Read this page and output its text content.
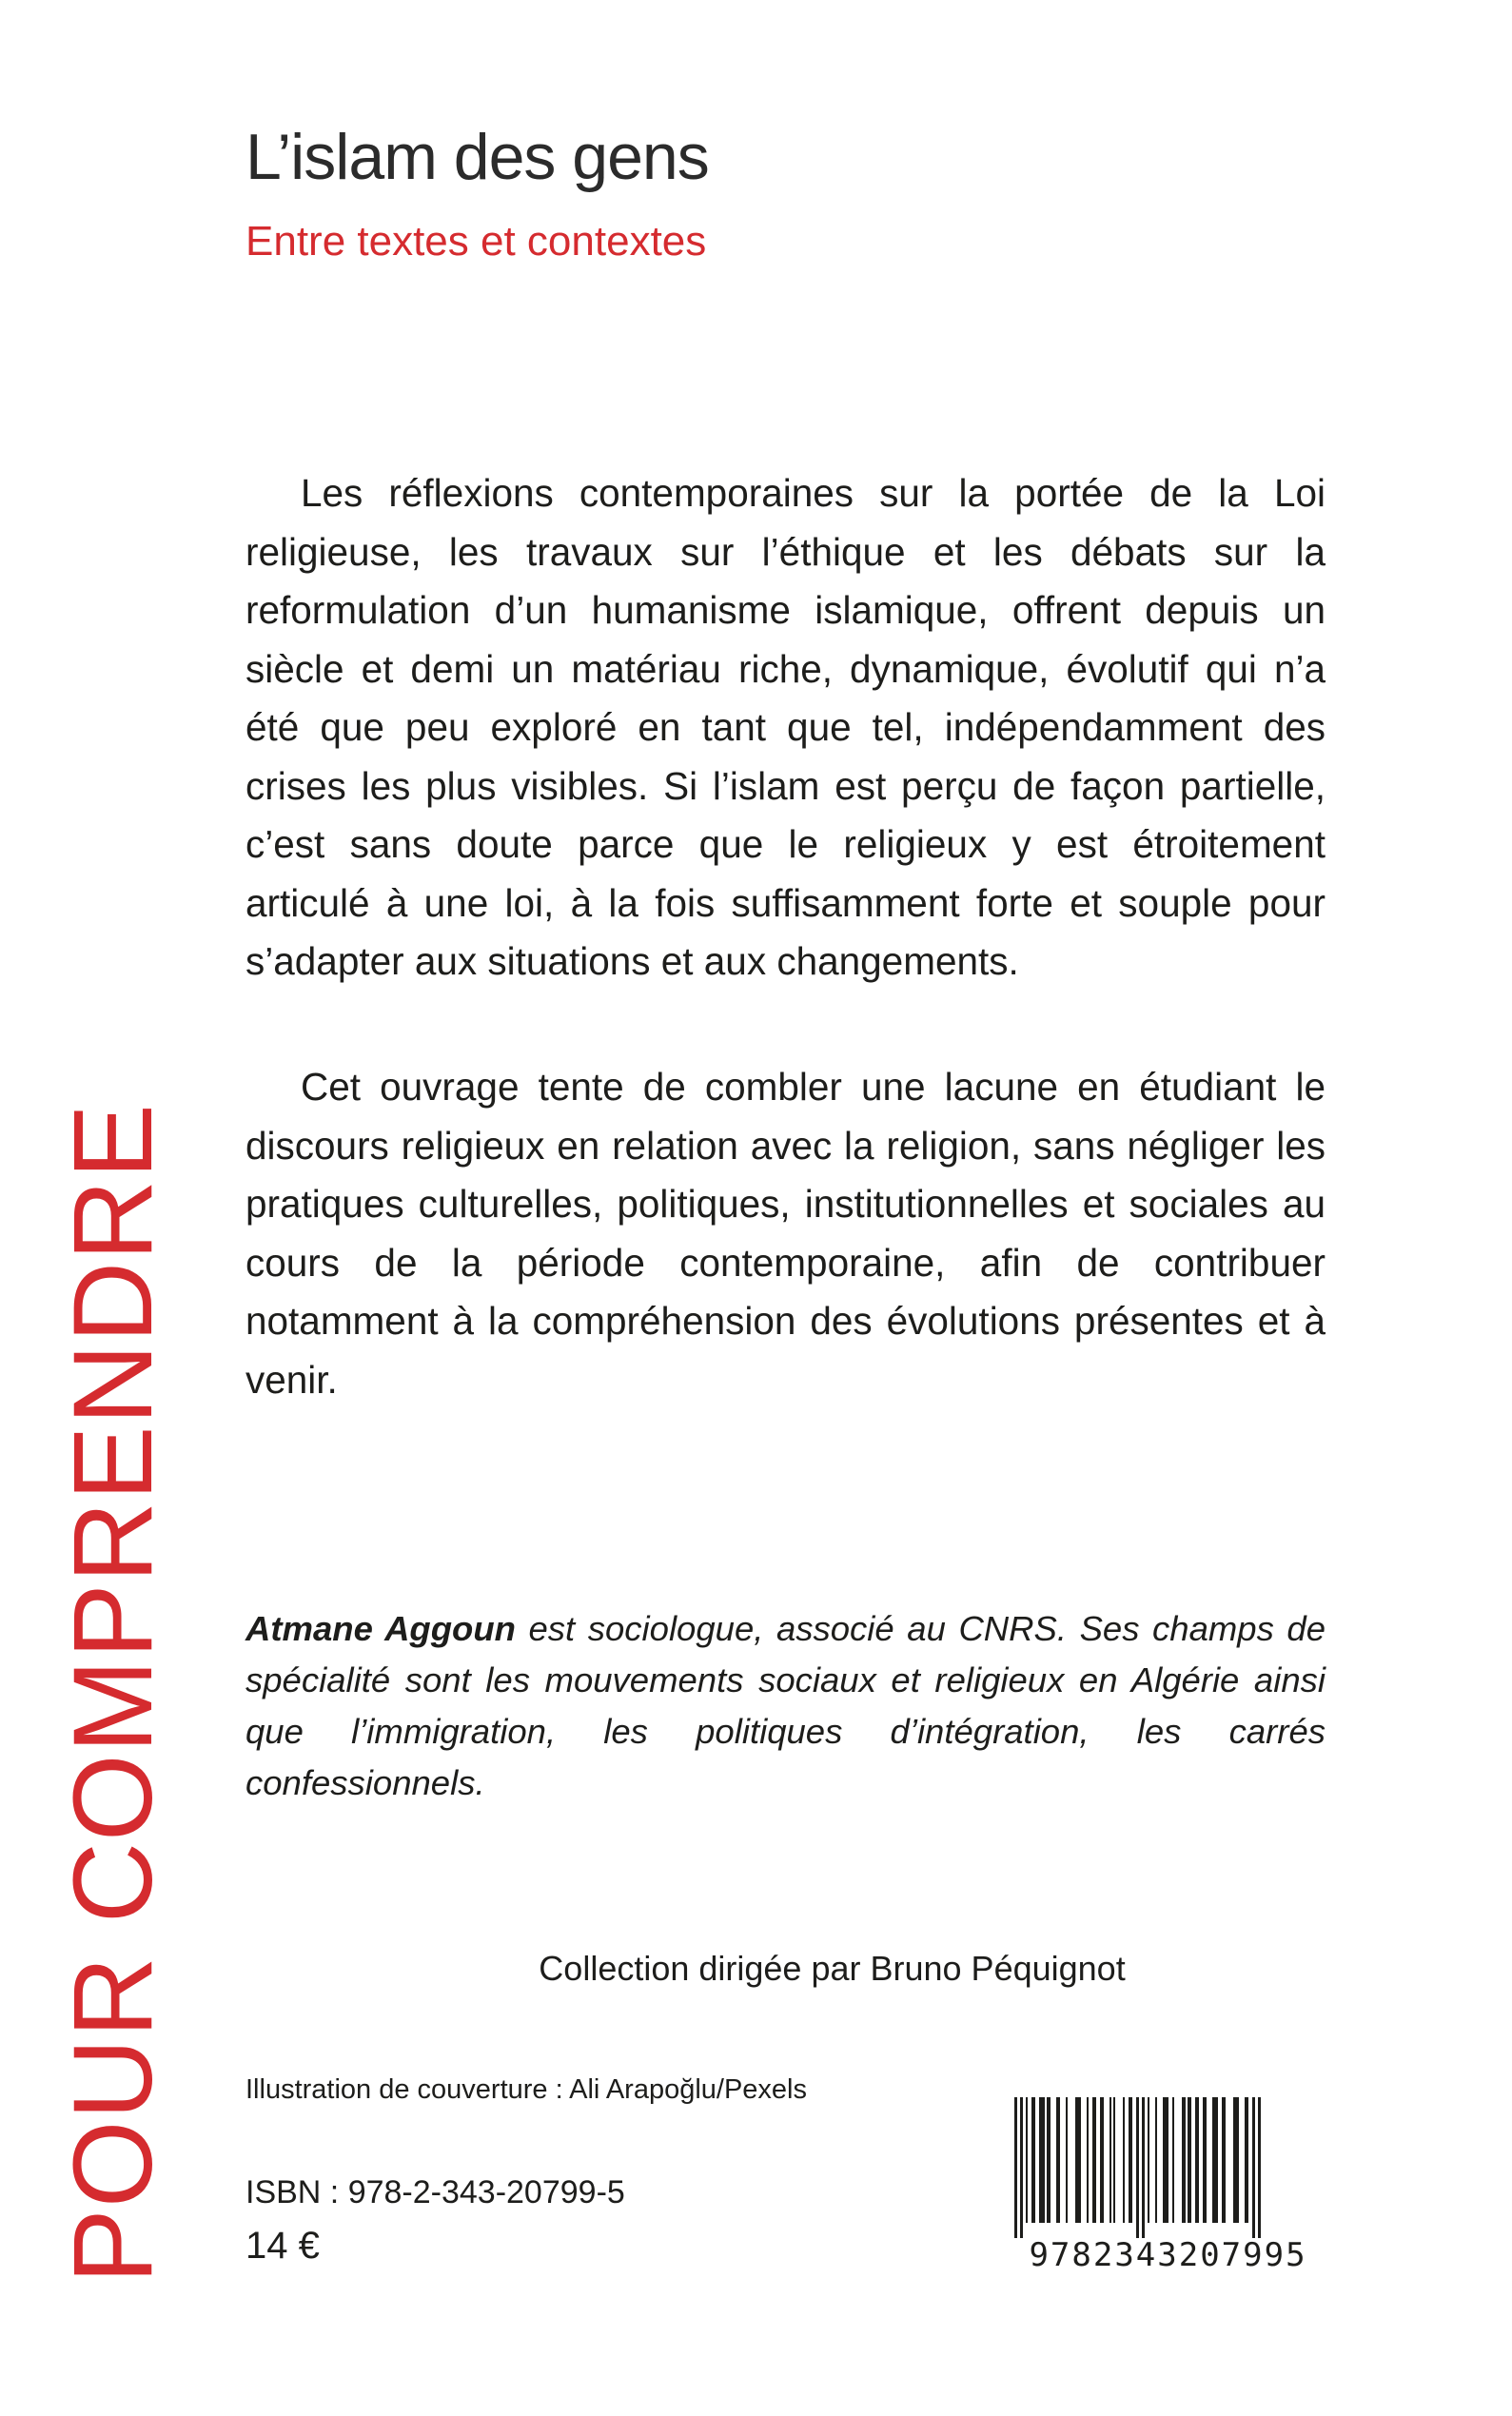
L’islam des gens
Entre textes et contextes
POUR COMPRENDRE

Les réflexions contemporaines sur la portée de la Loi religieuse, les travaux sur l’éthique et les débats sur la reformulation d’un humanisme islamique, offrent depuis un siècle et demi un matériau riche, dynamique, évolutif qui n’a été que peu exploré en tant que tel, indépendamment des crises les plus visibles. Si l’islam est perçu de façon partielle, c’est sans doute parce que le religieux y est étroitement articulé à une loi, à la fois suffisamment forte et souple pour s’adapter aux situations et aux changements.

Cet ouvrage tente de combler une lacune en étudiant le discours religieux en relation avec la religion, sans négliger les pratiques culturelles, politiques, institutionnelles et sociales au cours de la période contemporaine, afin de contribuer notamment à la compréhension des évolutions présentes et à venir.

Atmane Aggoun est sociologue, associé au CNRS. Ses champs de spécialité sont les mouvements sociaux et religieux en Algérie ainsi que l’immigration, les politiques d’intégration, les carrés confessionnels.

Collection dirigée par Bruno Péquignot
Illustration de couverture : Ali Arapoğlu/Pexels
ISBN : 978-2-343-20799-5
14 €	9782343207995
